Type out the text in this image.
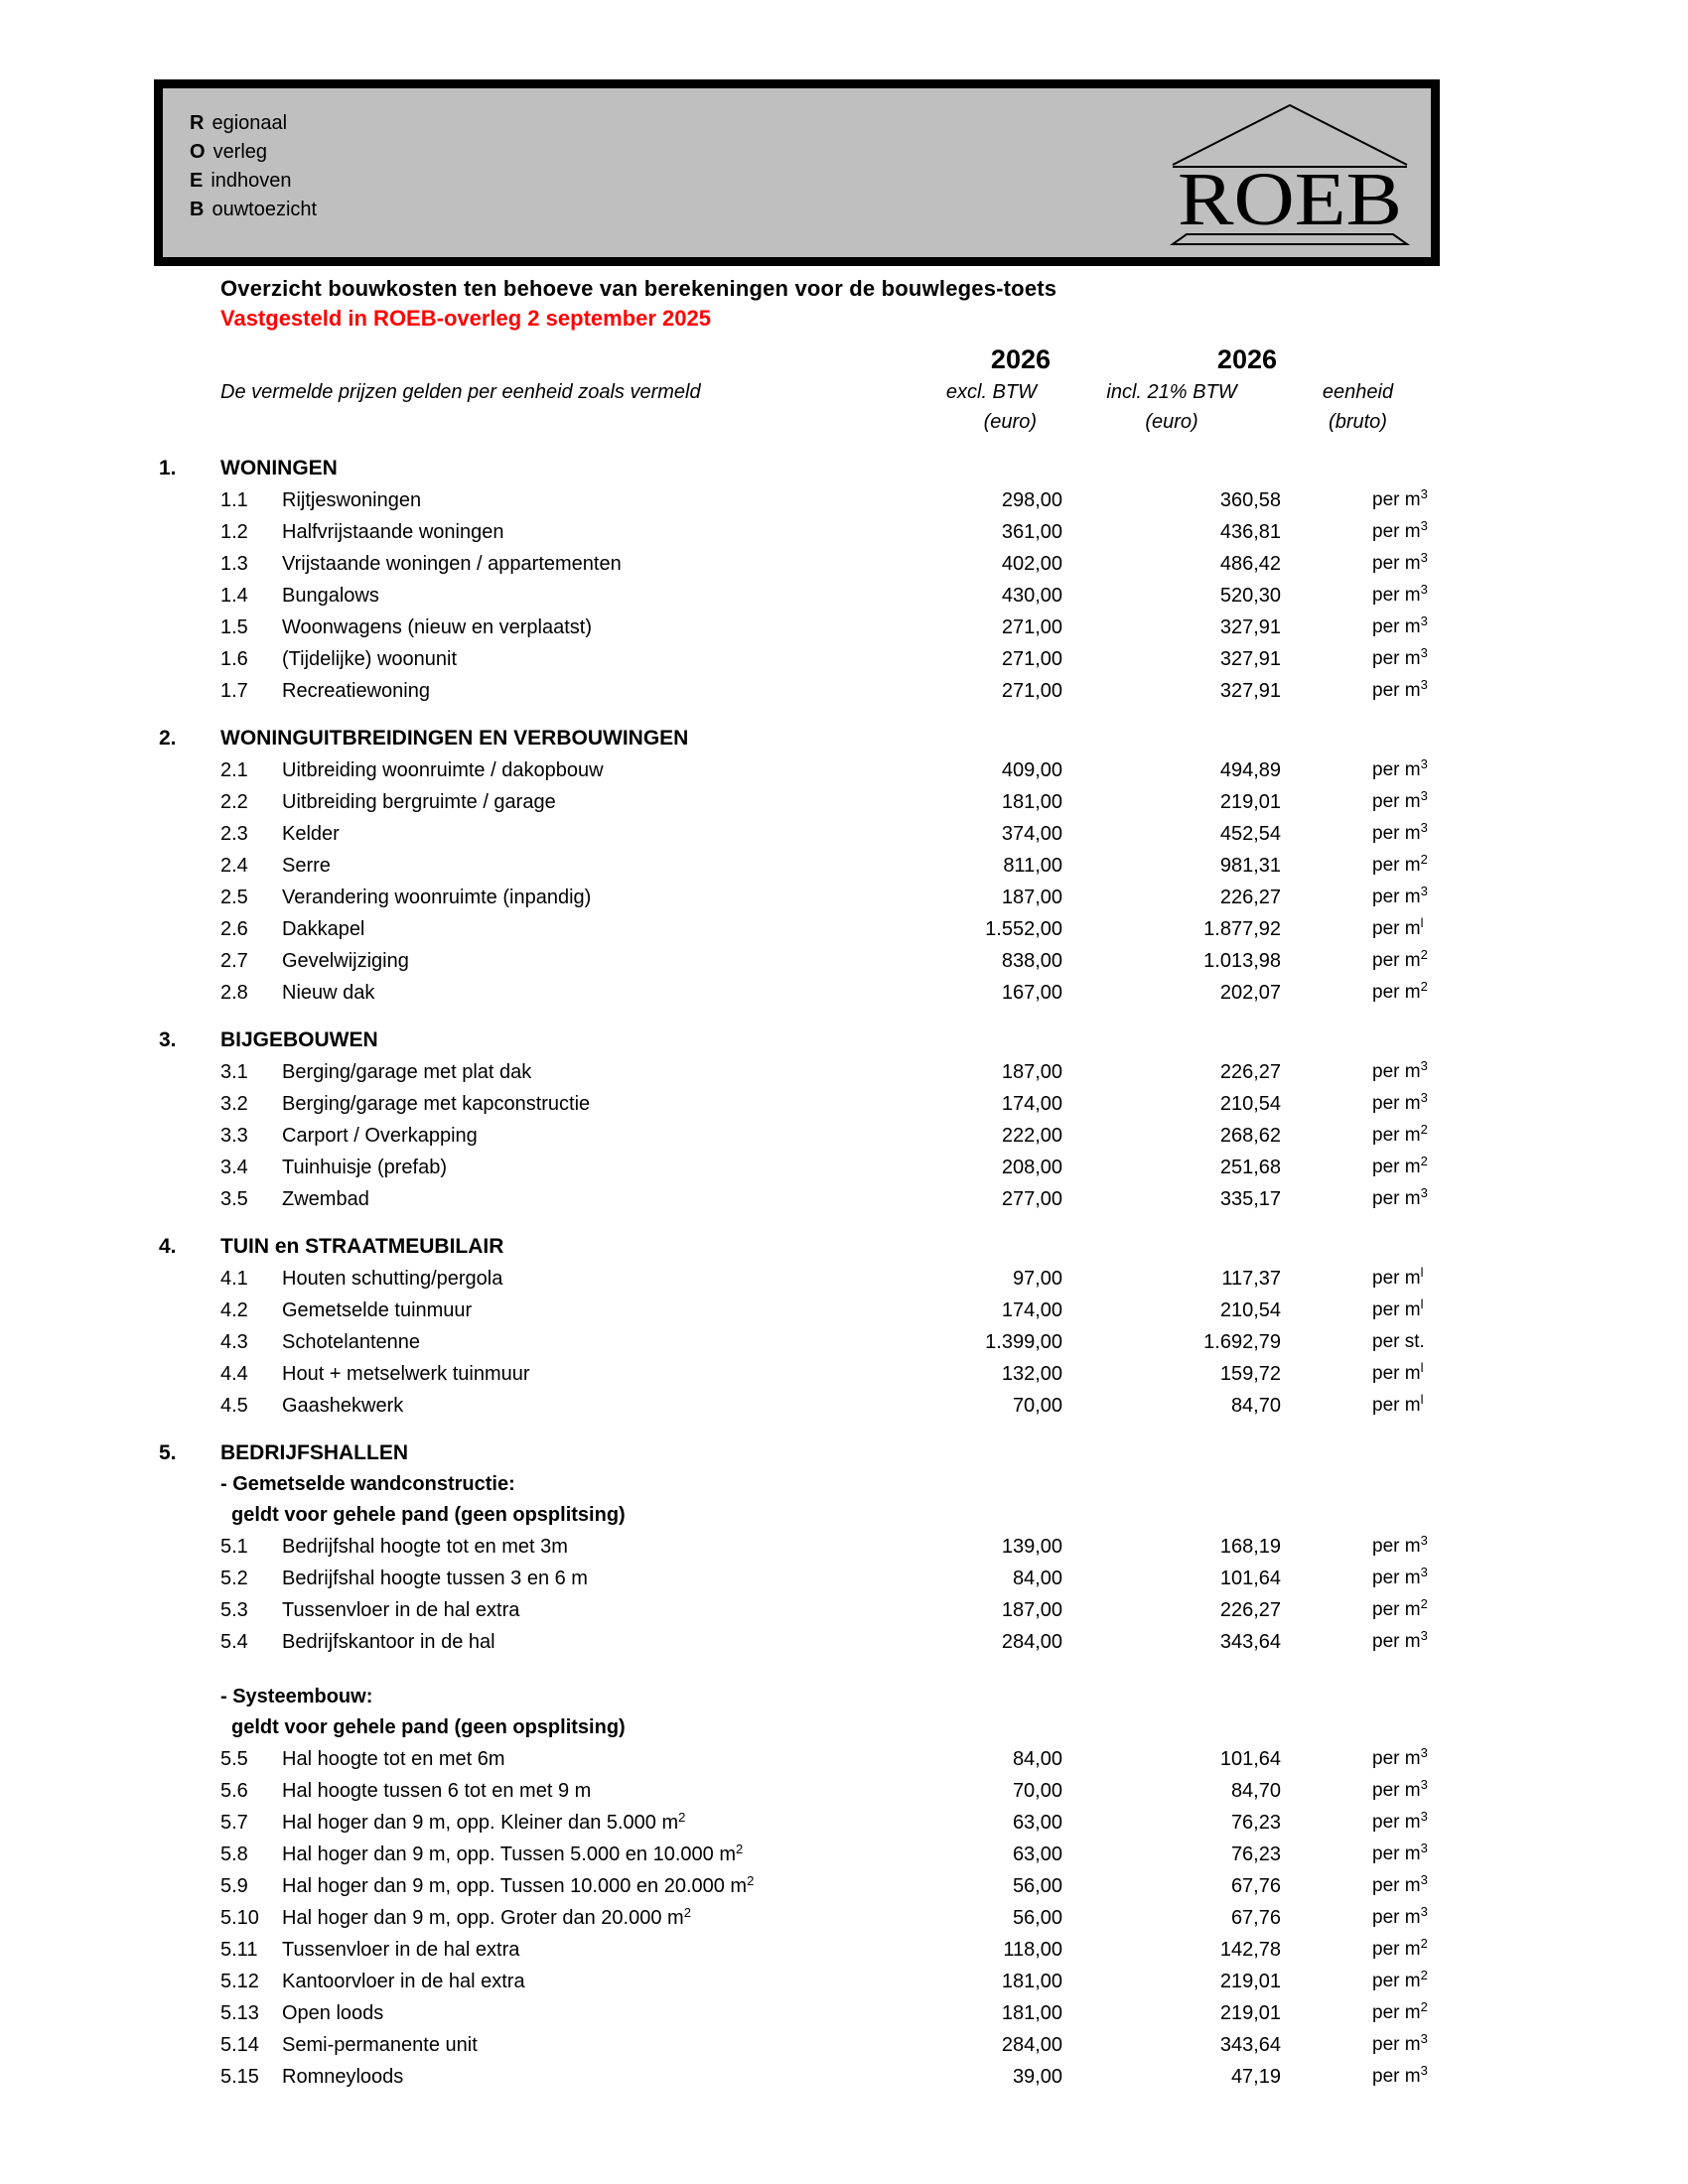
R egionaal
O verleg
E indhoven
B ouwtoezicht	ROEB
Overzicht bouwkosten ten behoeve van berekeningen voor de bouwleges-toets
Vastgesteld in ROEB-overleg 2 september 2025
2026	2026
De vermelde prijzen gelden per eenheid zoals vermeld	excl. BTW	incl. 21% BTW	eenheid
(euro)	(euro)	(bruto)
1.	WONINGEN
1.1	Rijtjeswoningen	298,00	360,58	per $m^3$
1.2	Halfvrijstaande woningen	361,00	436,81	per $m^3$
1.3	Vrijstaande woningen / appartementen	402,00	486,42	per $m^3$
1.4	Bungalows	430,00	520,30	per $m^3$
1.5	Woonwagens (nieuw en verplaatst)	271,00	327,91	per $m^3$
1.6	(Tijdelijke) woonunit	271,00	327,91	per $m^3$
1.7	Recreatiewoning	271,00	327,91	per $m^3$
2.	WONINGUITBREIDINGEN EN VERBOUWINGEN
2.1	Uitbreiding woonruimte / dakopbouw	409,00	494,89	per $m^3$
2.2	Uitbreiding bergruimte / garage	181,00	219,01	per $m^3$
2.3	Kelder	374,00	452,54	per $m^3$
2.4	Serre	811,00	981,31	per $m^2$
2.5	Verandering woonruimte (inpandig)	187,00	226,27	per $m^3$
2.6	Dakkapel	1.552,00	1.877,92	per $m^l$
2.7	Gevelwijziging	838,00	1.013,98	per $m^2$
2.8	Nieuw dak	167,00	202,07	per $m^2$
3.	BIJGEBOUWEN
3.1	Berging/garage met plat dak	187,00	226,27	per $m^3$
3.2	Berging/garage met kapconstructie	174,00	210,54	per $m^3$
3.3	Carport / Overkapping	222,00	268,62	per $m^2$
3.4	Tuinhuisje (prefab)	208,00	251,68	per $m^2$
3.5	Zwembad	277,00	335,17	per $m^3$
4.	TUIN en STRAATMEUBILAIR
4.1	Houten schutting/pergola	97,00	117,37	per $m^l$
4.2	Gemetselde tuinmuur	174,00	210,54	per $m^l$
4.3	Schotelantenne	1.399,00	1.692,79	per st.
4.4	Hout + metselwerk tuinmuur	132,00	159,72	per $m^l$
4.5	Gaashekwerk	70,00	84,70	per $m^l$
5.	BEDRIJFSHALLEN
- Gemetselde wandconstructie:
geldt voor gehele pand (geen opsplitsing)
5.1	Bedrijfshal hoogte tot en met 3m	139,00	168,19	per $m^3$
5.2	Bedrijfshal hoogte tussen 3 en 6 m	84,00	101,64	per $m^3$
5.3	Tussenvloer in de hal extra	187,00	226,27	per $m^2$
5.4	Bedrijfskantoor in de hal	284,00	343,64	per $m^3$
- Systeembouw:
geldt voor gehele pand (geen opsplitsing)
5.5	Hal hoogte tot en met 6m	84,00	101,64	per $m^3$
5.6	Hal hoogte tussen 6 tot en met 9 m	70,00	84,70	per $m^3$
5.7	Hal hoger dan 9 m, opp. Kleiner dan 5.000 $m^2$	63,00	76,23	per $m^3$
5.8	Hal hoger dan 9 m, opp. Tussen 5.000 en 10.000 $m^2$	63,00	76,23	per $m^3$
5.9	Hal hoger dan 9 m, opp. Tussen 10.000 en 20.000 $m^2$	56,00	67,76	per $m^3$
5.10	Hal hoger dan 9 m, opp. Groter dan 20.000 $m^2$	56,00	67,76	per $m^3$
5.11	Tussenvloer in de hal extra	118,00	142,78	per $m^2$
5.12	Kantoorvloer in de hal extra	181,00	219,01	per $m^2$
5.13	Open loods	181,00	219,01	per $m^2$
5.14	Semi-permanente unit	284,00	343,64	per $m^3$
5.15	Romneyloods	39,00	47,19	per $m^3$
